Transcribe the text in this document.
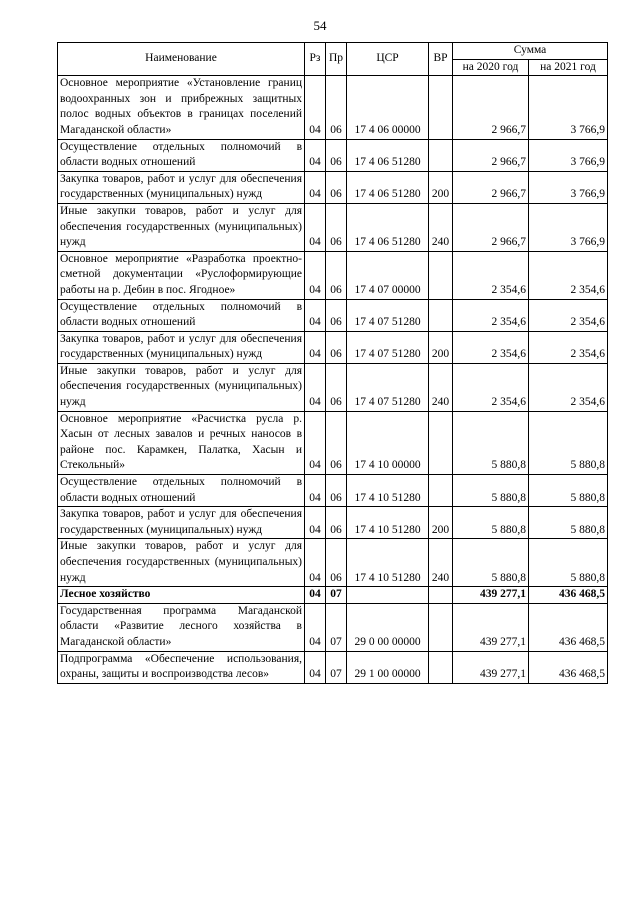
54
Наименование	Рз	Пр	ЦСР	ВР	Сумма	
					на 2020 год	на 2021 год
Основное мероприятие «Установление границ водоохранных зон и прибрежных защитных полос водных объектов в границах поселений Магаданской области»	04	06	17 4 06 00000		2 966,7	3 766,9
Осуществление отдельных полномочий в области водных отношений	04	06	17 4 06 51280		2 966,7	3 766,9
Закупка товаров, работ и услуг для обеспечения государственных (муниципальных) нужд	04	06	17 4 06 51280	200	2 966,7	3 766,9
Иные закупки товаров, работ и услуг для обеспечения государственных (муниципальных) нужд	04	06	17 4 06 51280	240	2 966,7	3 766,9
Основное мероприятие «Разработка проектно-сметной документации «Руслоформирующие работы на р. Дебин в пос. Ягодное»	04	06	17 4 07 00000		2 354,6	2 354,6
Осуществление отдельных полномочий в области водных отношений	04	06	17 4 07 51280		2 354,6	2 354,6
Закупка товаров, работ и услуг для обеспечения государственных (муниципальных) нужд	04	06	17 4 07 51280	200	2 354,6	2 354,6
Иные закупки товаров, работ и услуг для обеспечения государственных (муниципальных) нужд	04	06	17 4 07 51280	240	2 354,6	2 354,6
Основное мероприятие «Расчистка русла р. Хасын от лесных завалов и речных наносов в районе пос. Карамкен, Палатка, Хасын и Стекольный»	04	06	17 4 10 00000		5 880,8	5 880,8
Осуществление отдельных полномочий в области водных отношений	04	06	17 4 10 51280		5 880,8	5 880,8
Закупка товаров, работ и услуг для обеспечения государственных (муниципальных) нужд	04	06	17 4 10 51280	200	5 880,8	5 880,8
Иные закупки товаров, работ и услуг для обеспечения государственных (муниципальных) нужд	04	06	17 4 10 51280	240	5 880,8	5 880,8
Лесное хозяйство	04	07			439 277,1	436 468,5
Государственная программа Магаданской области «Развитие лесного хозяйства в Магаданской области»	04	07	29 0 00 00000		439 277,1	436 468,5
Подпрограмма «Обеспечение использования, охраны, защиты и воспроизводства лесов»	04	07	29 1 00 00000		439 277,1	436 468,5
